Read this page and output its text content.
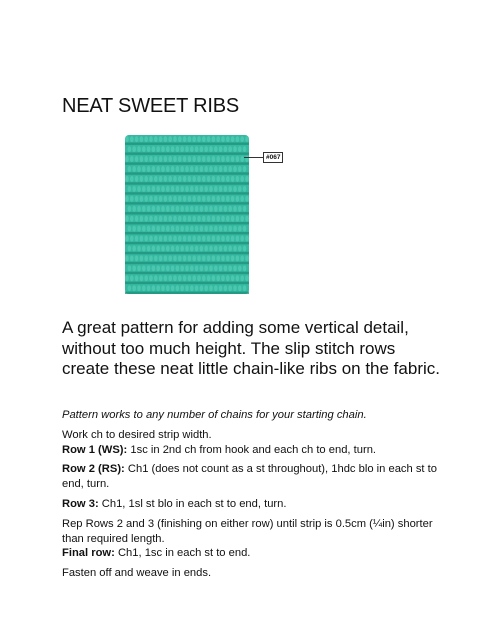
NEAT SWEET RIBS
#067
A great pattern for adding some vertical detail, without too much height. The slip stitch rows create these neat little chain-like ribs on the fabric.

Pattern works to any number of chains for your starting chain.

Work ch to desired strip width.

Row 1 (WS): 1sc in 2nd ch from hook and each ch to end, turn.

Row 2 (RS): Ch1 (does not count as a st throughout), 1hdc blo in each st to end, turn.

Row 3: Ch1, 1sl st blo in each st to end, turn.

Rep Rows 2 and 3 (finishing on either row) until strip is 0.5cm (¼in) shorter than required length.

Final row: Ch1, 1sc in each st to end.

Fasten off and weave in ends.
